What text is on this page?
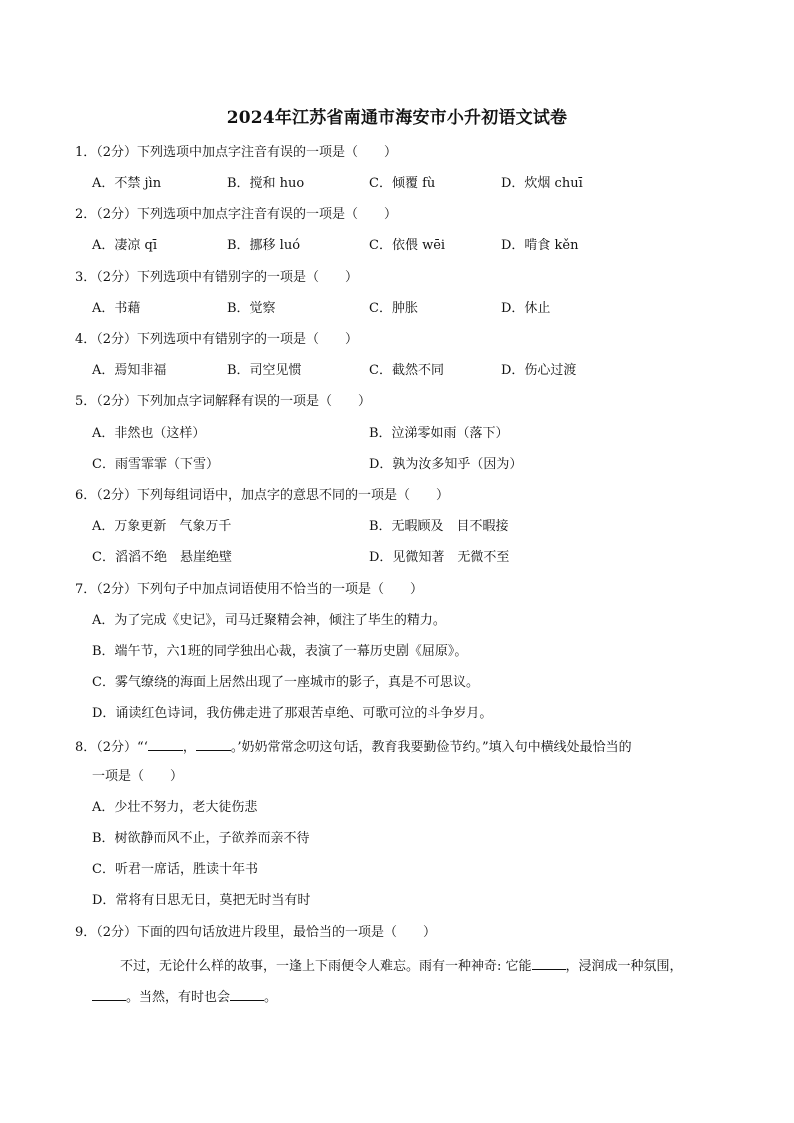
2024年江苏省南通市海安市小升初语文试卷
1．（2分）下列选项中加点字注音有误的一项是（　　）
A．不禁 jìn	B．搅和 huo	C．倾覆 fù	D．炊烟 chuī
2．（2分）下列选项中加点字注音有误的一项是（　　）
A．凄凉 qī	B．挪移 luó	C．依偎 wēi	D．啃食 kěn
3．（2分）下列选项中有错别字的一项是（　　）
A．书藉	B．觉察	C．肿胀	D．休止
4．（2分）下列选项中有错别字的一项是（　　）
A．焉知非福	B．司空见惯	C．截然不同	D．伤心过渡
5．（2分）下列加点字词解释有误的一项是（　　）
A．非然也（这样）	B．泣涕零如雨（落下）
C．雨雪霏霏（下雪）	D．孰为汝多知乎（因为）
6．（2分）下列每组词语中，加点字的意思不同的一项是（　　）
A．万象更新　气象万千	B．无暇顾及　目不暇接
C．滔滔不绝　悬崖绝壁	D．见微知著　无微不至
7．（2分）下列句子中加点词语使用不恰当的一项是（　　）
A．为了完成《史记》，司马迁聚精会神，倾注了毕生的精力。
B．端午节，六1班的同学独出心裁，表演了一幕历史剧《屈原》。
C．雾气缭绕的海面上居然出现了一座城市的影子，真是不可思议。
D．诵读红色诗词，我仿佛走进了那艰苦卓绝、可歌可泣的斗争岁月。
8．（2分）“‘	，	。’奶奶常常念叨这句话，教育我要勤俭节约。”填入句中横线处最恰当的
一项是（　　）
A．少壮不努力，老大徒伤悲
B．树欲静而风不止，子欲养而亲不待
C．听君一席话，胜读十年书
D．常将有日思无日，莫把无时当有时
9．（2分）下面的四句话放进片段里，最恰当的一项是（　　）
不过，无论什么样的故事，一逢上下雨便令人难忘。雨有一种神奇: 它能	，浸润成一种氛围，
。当然，有时也会	。
